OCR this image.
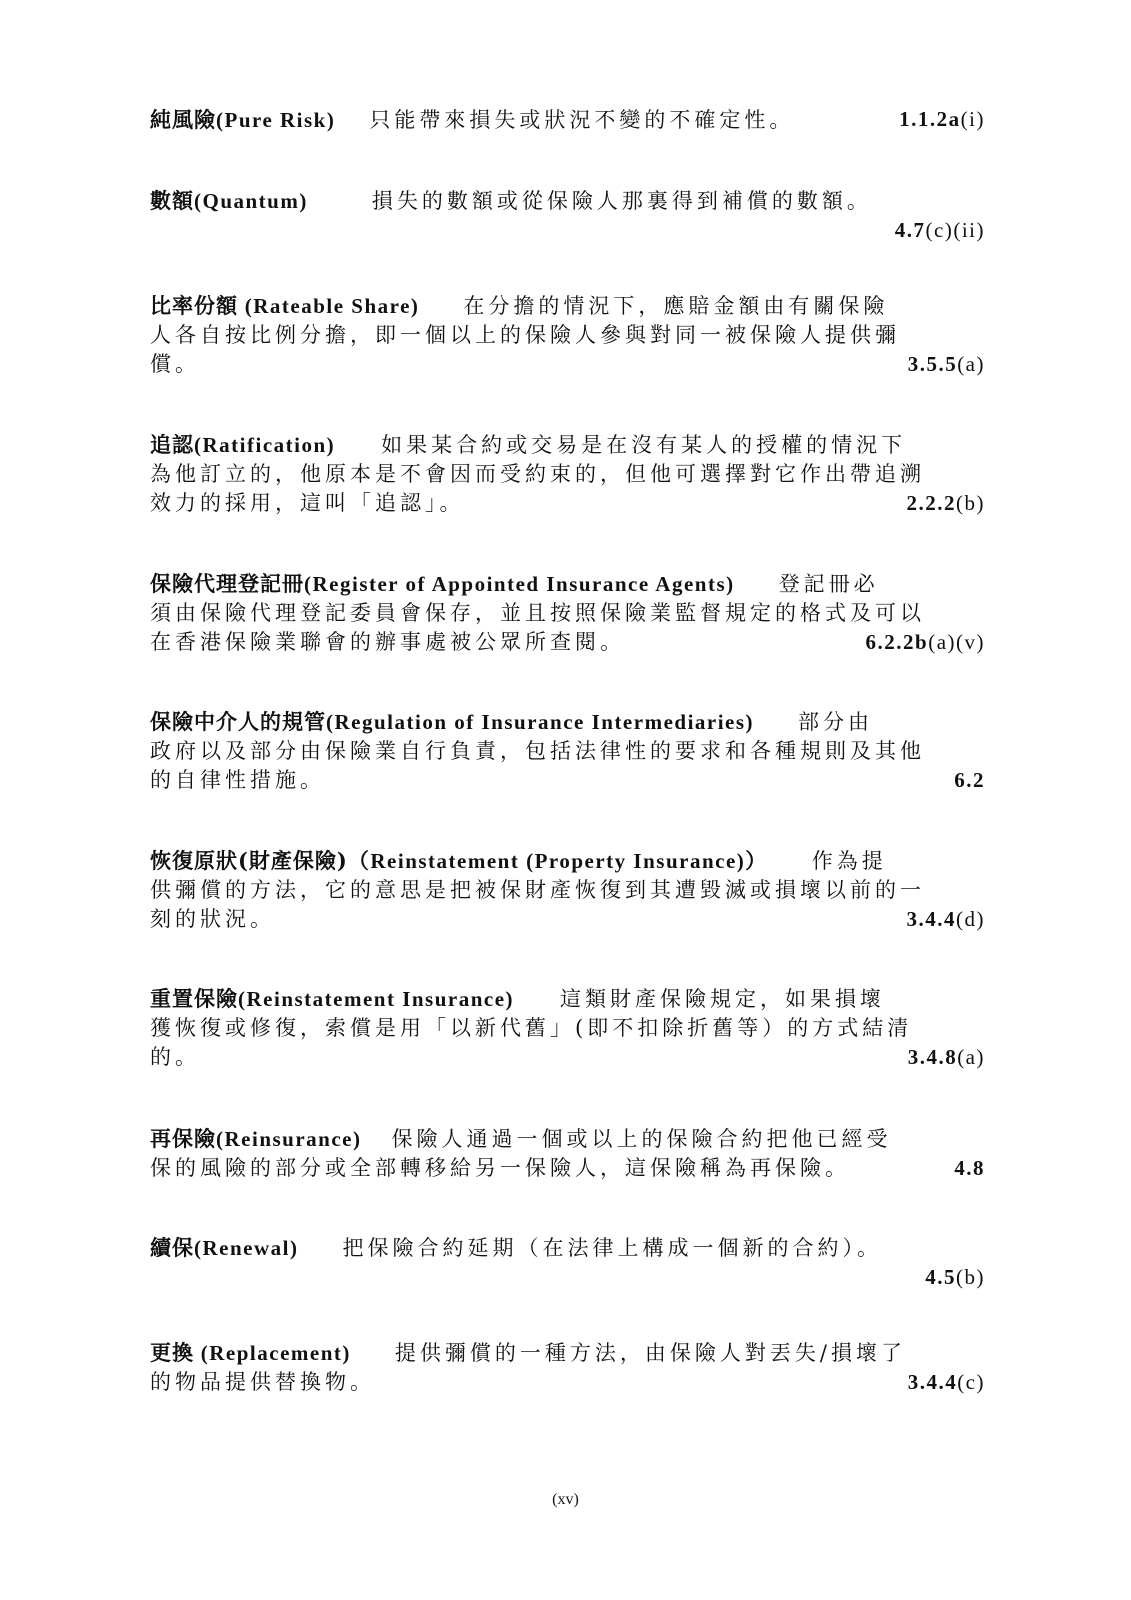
純風險(Pure Risk) 只能帶來損失或狀況不變的不確定性。	1.1.2a(i)
數額(Quantum)	損失的數額或從保險人那裏得到補償的數額。
4.7(c)(ii)
比率份額 (Rateable Share) 在分擔的情況下，應賠金額由有關保險
人各自按比例分擔，即一個以上的保險人參與對同一被保險人提供彌
償。	3.5.5(a)
追認(Ratification) 如果某合約或交易是在沒有某人的授權的情況下
為他訂立的，他原本是不會因而受約束的，但他可選擇對它作出帶追溯
效力的採用，這叫「追認」。	2.2.2(b)
保險代理登記冊(Register of Appointed Insurance Agents) 登記冊必
須由保險代理登記委員會保存，並且按照保險業監督規定的格式及可以
在香港保險業聯會的辦事處被公眾所查閱。	6.2.2b(a)(v)
保險中介人的規管(Regulation of Insurance Intermediaries) 部分由
政府以及部分由保險業自行負責，包括法律性的要求和各種規則及其他
的自律性措施。	6.2
恢復原狀(財產保險)（Reinstatement (Property Insurance)） 作為提
供彌償的方法，它的意思是把被保財產恢復到其遭毀滅或損壞以前的一
刻的狀況。	3.4.4(d)
重置保險(Reinstatement Insurance) 這類財產保險規定，如果損壞
獲恢復或修復，索償是用「以新代舊」(即不扣除折舊等）的方式結清
的。	3.4.8(a)
再保險(Reinsurance) 保險人通過一個或以上的保險合約把他已經受
保的風險的部分或全部轉移給另一保險人，這保險稱為再保險。	4.8
續保(Renewal) 把保險合約延期（在法律上構成一個新的合約）。
4.5(b)
更換 (Replacement) 提供彌償的一種方法，由保險人對丟失/損壞了
的物品提供替換物。	3.4.4(c)
(xv)
